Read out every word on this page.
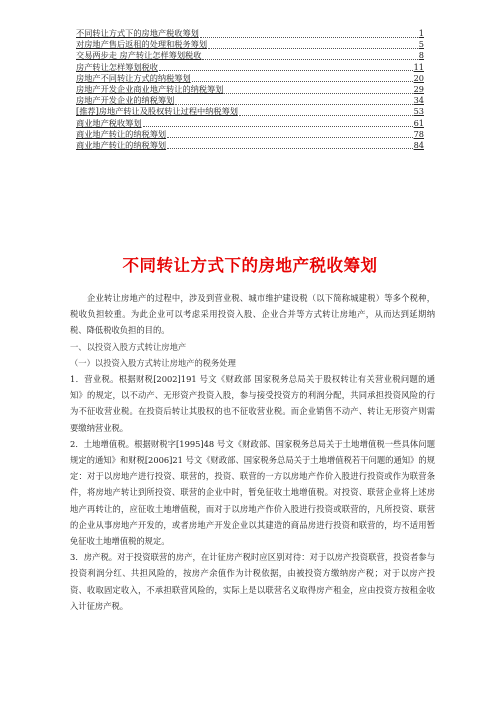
不同转让方式下的房地产税收筹划	1
对房地产售后返租的处理和税务筹划	5
交易两步走 房产转让怎样筹划税收	8
房产转让怎样筹划税收	11
房地产不同转让方式的纳税筹划	20
房地产开发企业商业地产转让的纳税筹划	29
房地产开发企业的纳税筹划	34
[推荐]房地产转让及股权转让过程中纳税筹划	53
商业地产税收筹划	61
商业地产转让的纳税筹划	78
商业地产转让的纳税筹划	84
不同转让方式下的房地产税收筹划

企业转让房地产的过程中，涉及到营业税、城市维护建设税（以下简称城建税）等多个税种，税收负担较重。为此企业可以考虑采用投资入股、企业合并等方式转让房地产，从而达到延期纳税、降低税收负担的目的。

一、以投资入股方式转让房地产

（一）以投资入股方式转让房地产的税务处理

1．营业税。根据财税[2002]191 号文《财政部 国家税务总局关于股权转让有关营业税问题的通知》的规定，以不动产、无形资产投资入股，参与接受投资方的利润分配，共同承担投资风险的行为不征收营业税。在投资后转让其股权的也不征收营业税。而企业销售不动产、转让无形资产则需要缴纳营业税。

2．土地增值税。根据财税字[1995]48 号文《财政部、国家税务总局关于土地增值税一些具体问题规定的通知》和财税[2006]21 号文《财政部、国家税务总局关于土地增值税若干问题的通知》的规定：对于以房地产进行投资、联营的，投资、联营的一方以房地产作价入股进行投资或作为联营条件，将房地产转让到所投资、联营的企业中时，暂免征收土地增值税。对投资、联营企业将上述房地产再转让的，应征收土地增值税，而对于以房地产作价入股进行投资或联营的，凡所投资、联营的企业从事房地产开发的，或者房地产开发企业以其建造的商品房进行投资和联营的，均不适用暂免征收土地增值税的规定。

3．房产税。对于投资联营的房产，在计征房产税时应区别对待：对于以房产投资联营，投资者参与投资利润分红、共担风险的，按房产余值作为计税依据，由被投资方缴纳房产税；对于以房产投资、收取固定收入，不承担联营风险的，实际上是以联营名义取得房产租金，应由投资方按租金收入计征房产税。
